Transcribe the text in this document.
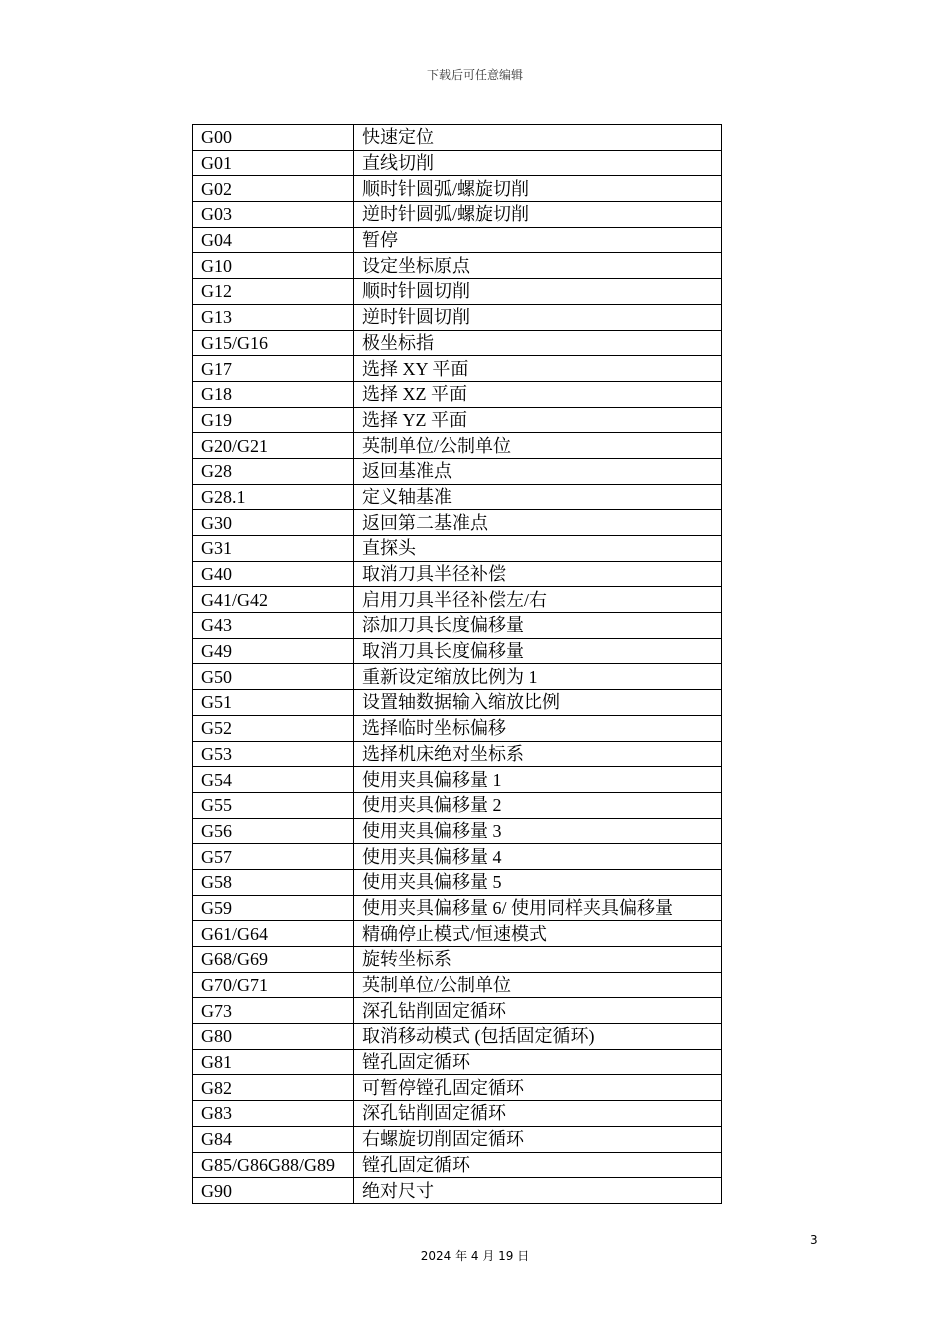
下载后可任意编辑
G00	快速定位
G01	直线切削
G02	顺时针圆弧/螺旋切削
G03	逆时针圆弧/螺旋切削
G04	暂停
G10	设定坐标原点
G12	顺时针圆切削
G13	逆时针圆切削
G15/G16	极坐标指
G17	选择 XY 平面
G18	选择 XZ 平面
G19	选择 YZ 平面
G20/G21	英制单位/公制单位
G28	返回基准点
G28.1	定义轴基准
G30	返回第二基准点
G31	直探头
G40	取消刀具半径补偿
G41/G42	启用刀具半径补偿左/右
G43	添加刀具长度偏移量
G49	取消刀具长度偏移量
G50	重新设定缩放比例为 1
G51	设置轴数据输入缩放比例
G52	选择临时坐标偏移
G53	选择机床绝对坐标系
G54	使用夹具偏移量 1
G55	使用夹具偏移量 2
G56	使用夹具偏移量 3
G57	使用夹具偏移量 4
G58	使用夹具偏移量 5
G59	使用夹具偏移量 6/ 使用同样夹具偏移量
G61/G64	精确停止模式/恒速模式
G68/G69	旋转坐标系
G70/G71	英制单位/公制单位
G73	深孔钻削固定循环
G80	取消移动模式 (包括固定循环)
G81	镗孔固定循环
G82	可暂停镗孔固定循环
G83	深孔钻削固定循环
G84	右螺旋切削固定循环
G85/G86G88/G89	镗孔固定循环
G90	绝对尺寸
3
2024 年 4 月 19 日
